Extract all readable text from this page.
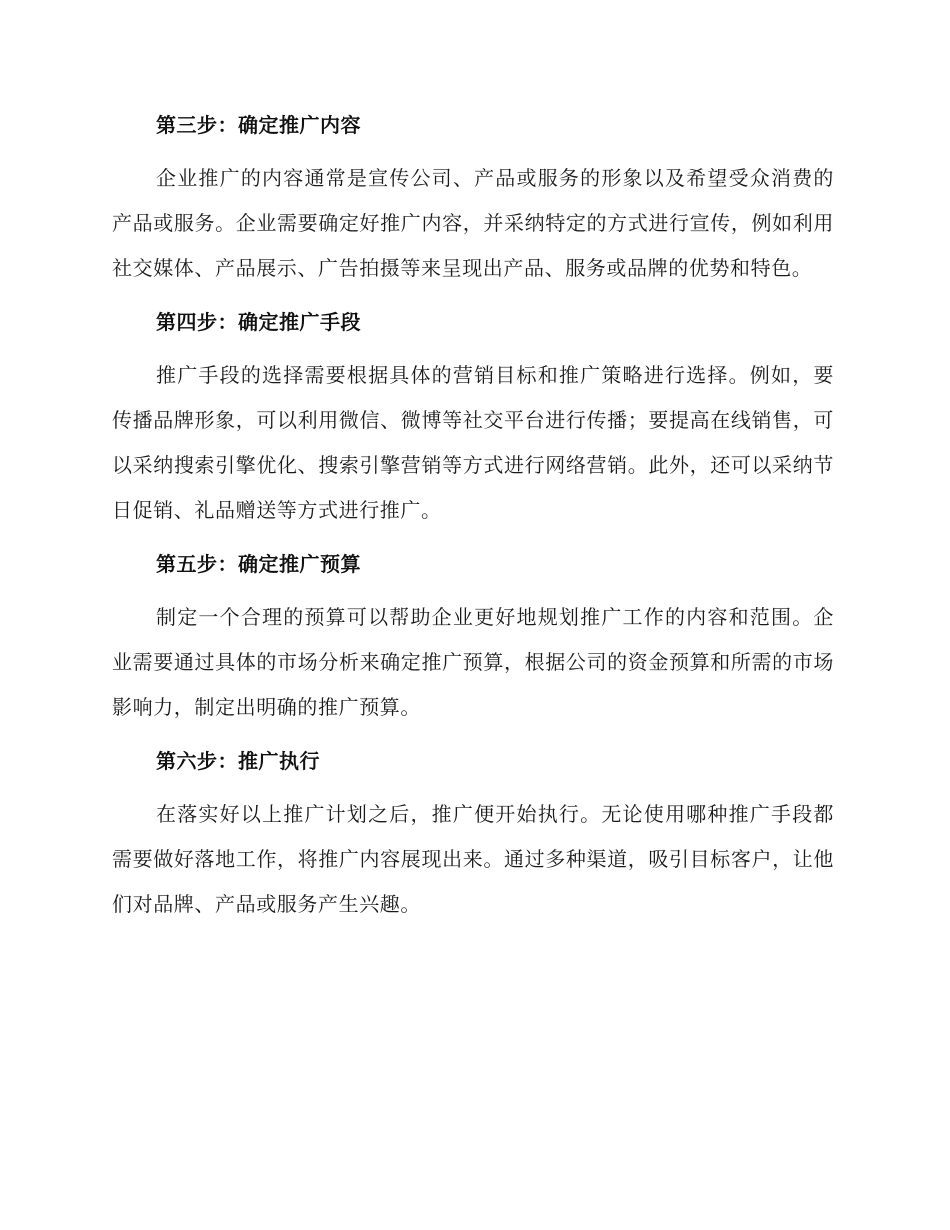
第三步：确定推广内容

企业推广的内容通常是宣传公司、产品或服务的形象以及希望受众消费的产品或服务。企业需要确定好推广内容，并采纳特定的方式进行宣传，例如利用社交媒体、产品展示、广告拍摄等来呈现出产品、服务或品牌的优势和特色。

第四步：确定推广手段

推广手段的选择需要根据具体的营销目标和推广策略进行选择。例如，要传播品牌形象，可以利用微信、微博等社交平台进行传播；要提高在线销售，可以采纳搜索引擎优化、搜索引擎营销等方式进行网络营销。此外，还可以采纳节日促销、礼品赠送等方式进行推广。

第五步：确定推广预算

制定一个合理的预算可以帮助企业更好地规划推广工作的内容和范围。企业需要通过具体的市场分析来确定推广预算，根据公司的资金预算和所需的市场影响力，制定出明确的推广预算。

第六步：推广执行

在落实好以上推广计划之后，推广便开始执行。无论使用哪种推广手段都需要做好落地工作，将推广内容展现出来。通过多种渠道，吸引目标客户，让他们对品牌、产品或服务产生兴趣。
